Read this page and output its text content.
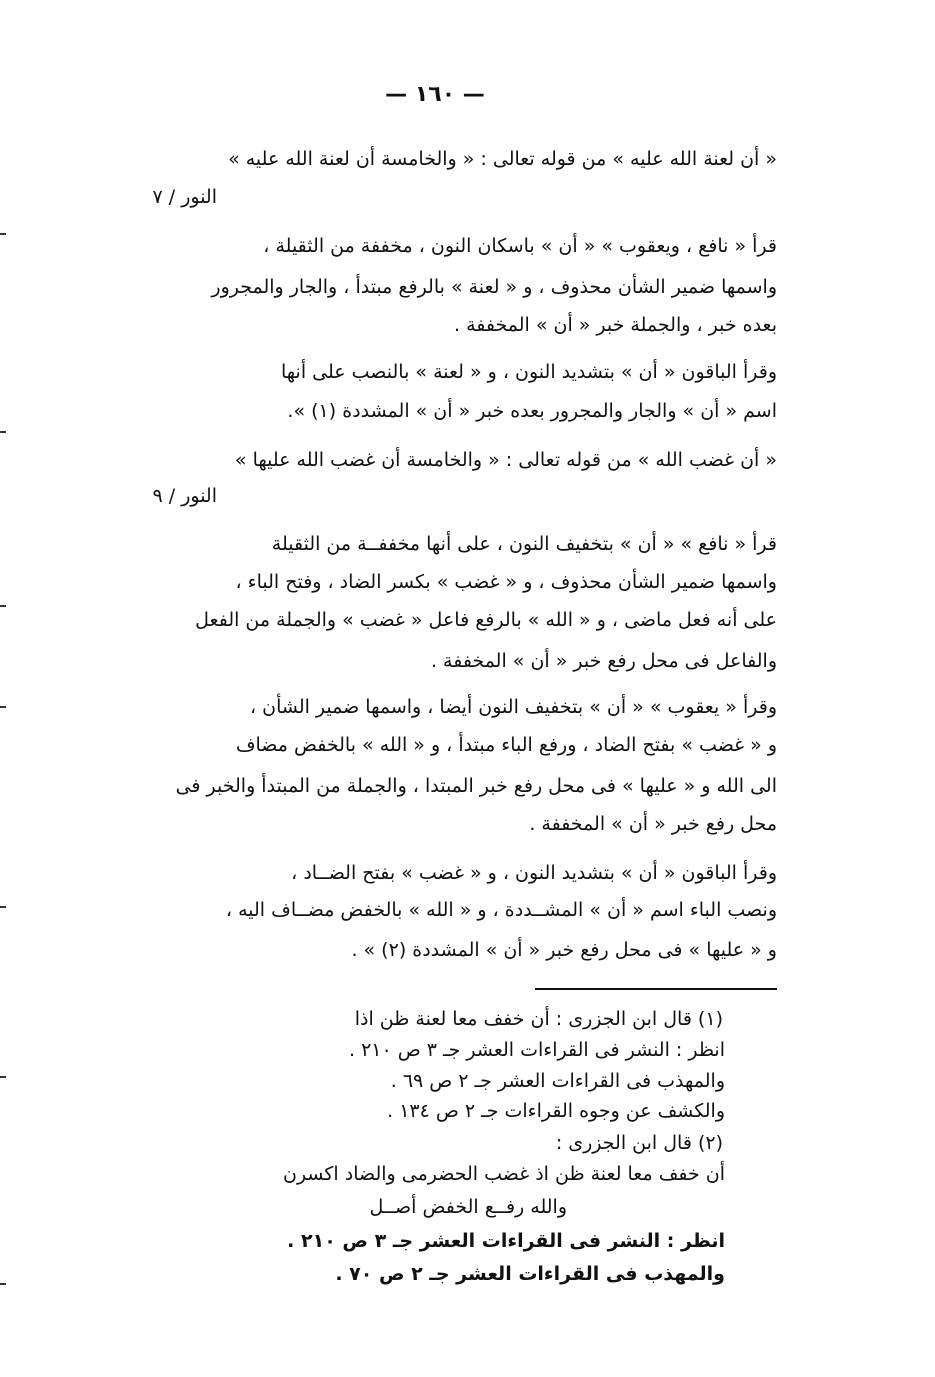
— ١٦٠ —
« أن لعنة الله عليه » من قوله تعالى : « والخامسة أن لعنة الله عليه »
النور / ٧
قرأ « نافع ، ويعقوب » « أن » باسكان النون ، مخففة من الثقيلة ،
واسمها ضمير الشأن محذوف ، و « لعنة » بالرفع مبتدأ ، والجار والمجرور
بعده خبر ، والجملة خبر « أن » المخففة .
وقرأ الباقون « أن » بتشديد النون ، و « لعنة » بالنصب على أنها
اسم « أن » والجار والمجرور بعده خبر « أن » المشددة (١) ».
« أن غضب الله » من قوله تعالى : « والخامسة أن غضب الله عليها »
النور / ٩
قرأ « نافع » « أن » بتخفيف النون ، على أنها مخففــة من الثقيلة
واسمها ضمير الشأن محذوف ، و « غضب » بكسر الضاد ، وفتح الباء ،
على أنه فعل ماضى ، و « الله » بالرفع فاعل « غضب » والجملة من الفعل
والفاعل فى محل رفع خبر « أن » المخففة .
وقرأ « يعقوب » « أن » بتخفيف النون أيضا ، واسمها ضمير الشأن ،
و « غضب » بفتح الضاد ، ورفع الباء مبتدأ ، و « الله » بالخفض مضاف
الى الله و « عليها » فى محل رفع خبر المبتدا ، والجملة من المبتدأ والخبر فى
محل رفع خبر « أن » المخففة .
وقرأ الباقون « أن » بتشديد النون ، و « غضب » بفتح الضــاد ،
ونصب الباء اسم « أن » المشــددة ، و « الله » بالخفض مضــاف اليه ،
و « عليها » فى محل رفع خبر « أن » المشددة (٢) » .
(١) قال ابن الجزرى : أن خفف معا لعنة ظن اذا
انظر : النشر فى القراءات العشر جـ ٣ ص ٢١٠ .
والمهذب فى القراءات العشر جـ ٢ ص ٦٩ .
والكشف عن وجوه القراءات جـ ٢ ص ١٣٤ .
(٢) قال ابن الجزرى :
أن خفف معا لعنة ظن اذ غضب الحضرمى والضاد اكسرن
والله رفــع الخفض أصــل
انظر : النشر فى القراءات العشر جـ ٣ ص ٢١٠ .
والمهذب فى القراءات العشر جـ ٢ ص ٧٠ .
